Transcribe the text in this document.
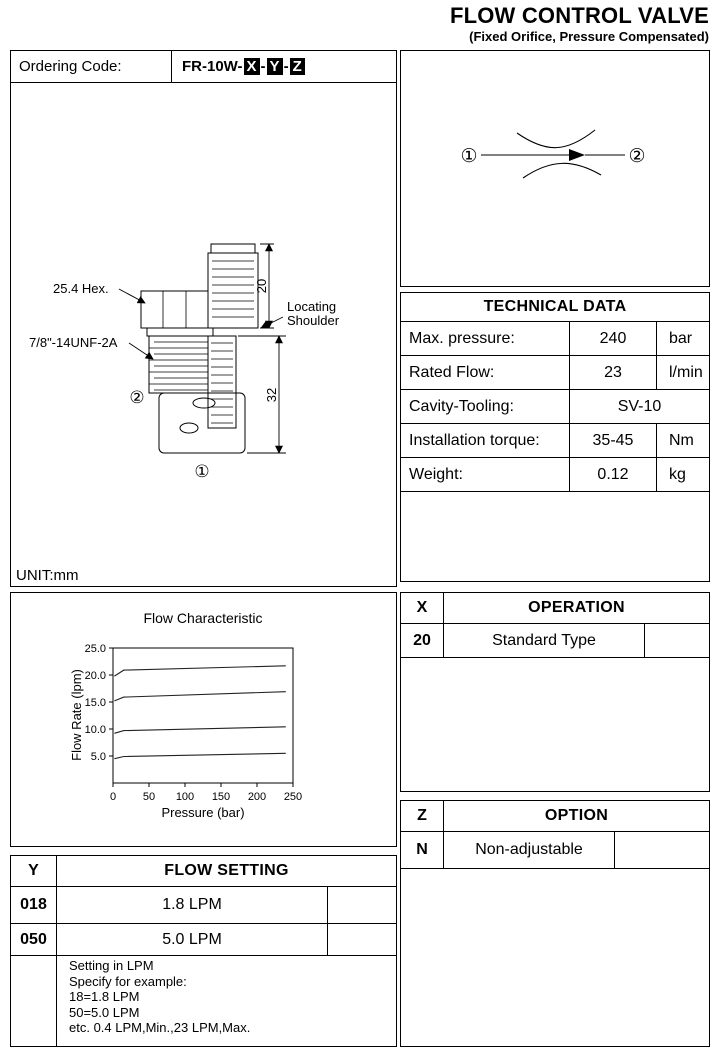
FLOW CONTROL VALVE
(Fixed Orifice, Pressure Compensated)
Ordering Code:	FR-10W- X - Y - Z
25.4 Hex.
7/8"-14UNF-2A
Locating
Shoulder
20
32
②
①
UNIT:mm
①	②
TECHNICAL DATA
Max. pressure:	240	bar
Rated Flow:	23	l/min
Cavity-Tooling:	SV-10
Installation torque:	35-45	Nm
Weight:	0.12	kg
Flow Characteristic
Pressure (bar)
Flow Rate (lpm)
0 50 100 150 200 250
5.0
10.0
15.0
20.0
25.0
X	OPERATION
20	Standard Type
Z	OPTION
N	Non-adjustable
Y	FLOW SETTING
018	1.8 LPM
050	5.0 LPM
Setting in LPM
Specify for example:
18=1.8 LPM
50=5.0 LPM
etc. 0.4 LPM,Min.,23 LPM,Max.
